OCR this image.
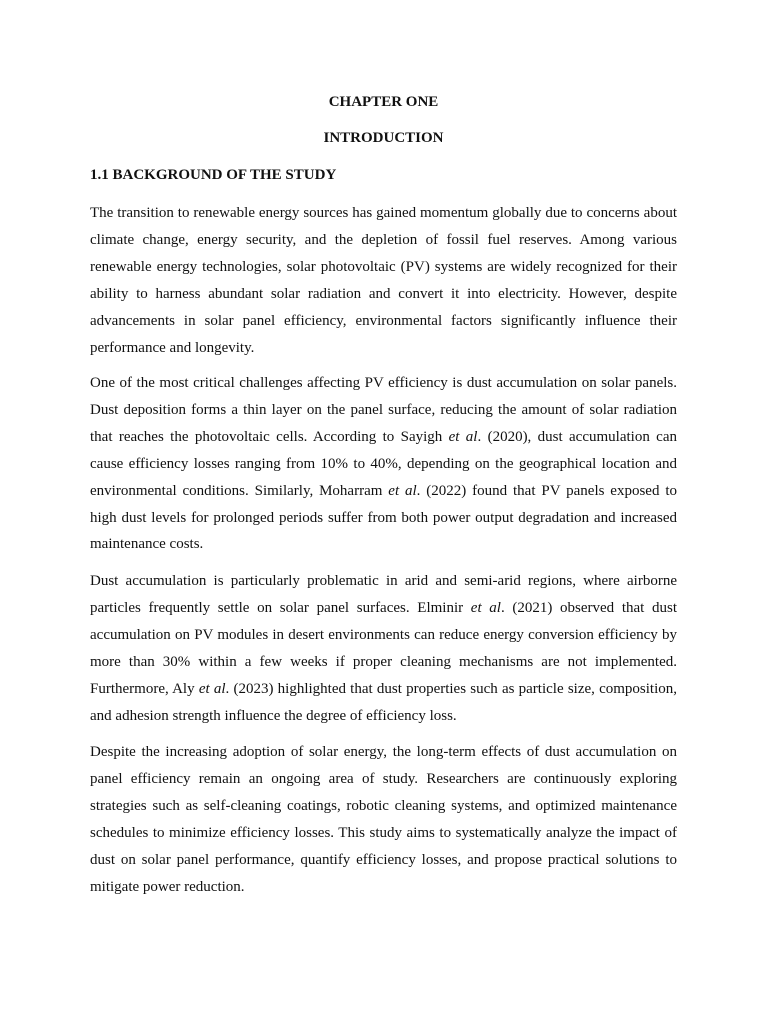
CHAPTER ONE
INTRODUCTION
1.1 BACKGROUND OF THE STUDY

The transition to renewable energy sources has gained momentum globally due to concerns about climate change, energy security, and the depletion of fossil fuel reserves. Among various renewable energy technologies, solar photovoltaic (PV) systems are widely recognized for their ability to harness abundant solar radiation and convert it into electricity. However, despite advancements in solar panel efficiency, environmental factors significantly influence their performance and longevity.

One of the most critical challenges affecting PV efficiency is dust accumulation on solar panels. Dust deposition forms a thin layer on the panel surface, reducing the amount of solar radiation that reaches the photovoltaic cells. According to Sayigh et al. (2020), dust accumulation can cause efficiency losses ranging from 10% to 40%, depending on the geographical location and environmental conditions. Similarly, Moharram et al. (2022) found that PV panels exposed to high dust levels for prolonged periods suffer from both power output degradation and increased maintenance costs.

Dust accumulation is particularly problematic in arid and semi-arid regions, where airborne particles frequently settle on solar panel surfaces. Elminir et al. (2021) observed that dust accumulation on PV modules in desert environments can reduce energy conversion efficiency by more than 30% within a few weeks if proper cleaning mechanisms are not implemented. Furthermore, Aly et al. (2023) highlighted that dust properties such as particle size, composition, and adhesion strength influence the degree of efficiency loss.

Despite the increasing adoption of solar energy, the long-term effects of dust accumulation on panel efficiency remain an ongoing area of study. Researchers are continuously exploring strategies such as self-cleaning coatings, robotic cleaning systems, and optimized maintenance schedules to minimize efficiency losses. This study aims to systematically analyze the impact of dust on solar panel performance, quantify efficiency losses, and propose practical solutions to mitigate power reduction.
